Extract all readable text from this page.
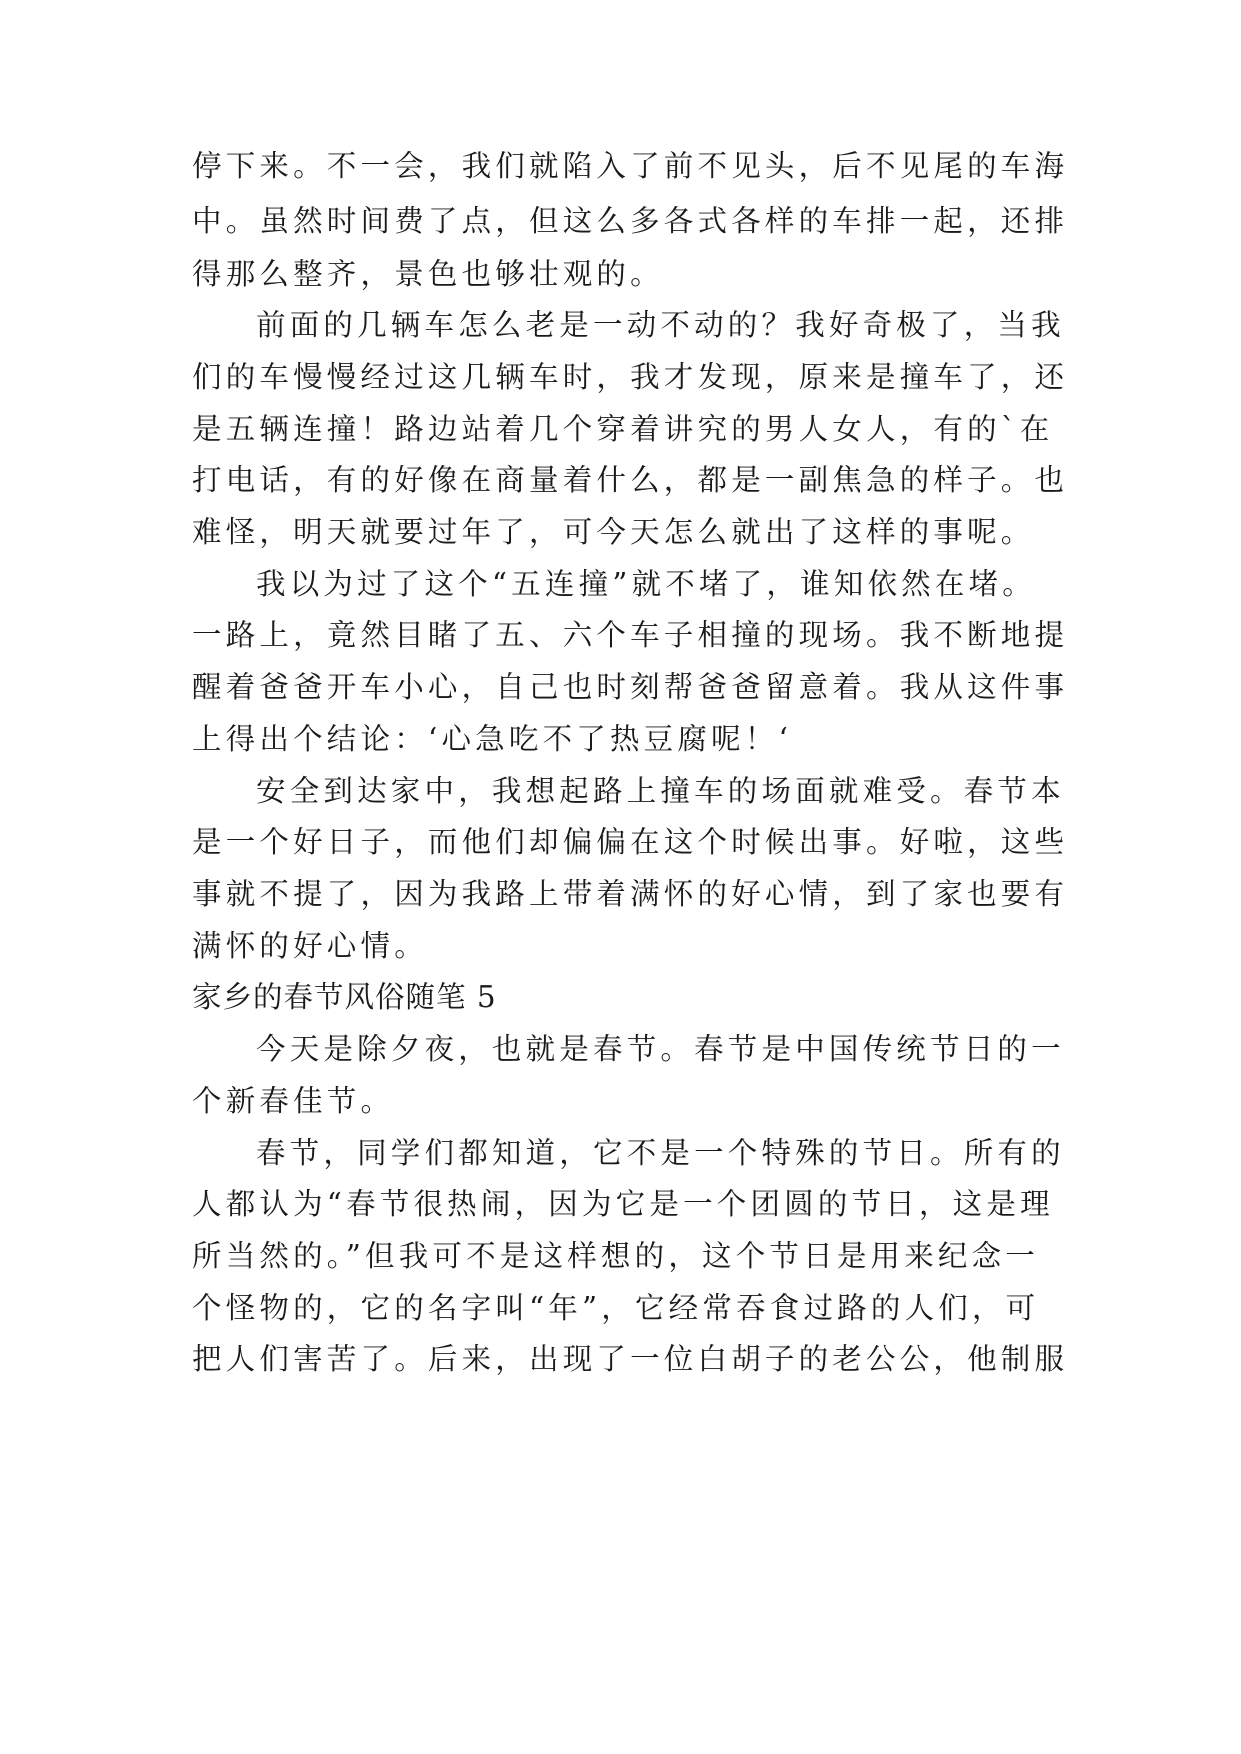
停下来。不一会，我们就陷入了前不见头，后不见尾的车海
中。虽然时间费了点，但这么多各式各样的车排一起，还排
得那么整齐，景色也够壮观的。
前面的几辆车怎么老是一动不动的？我好奇极了，当我
们的车慢慢经过这几辆车时，我才发现，原来是撞车了，还
是五辆连撞！路边站着几个穿着讲究的男人女人，有的`在
打电话，有的好像在商量着什么，都是一副焦急的样子。也
难怪，明天就要过年了，可今天怎么就出了这样的事呢。
我以为过了这个“五连撞”就不堵了，谁知依然在堵。
一路上，竟然目睹了五、六个车子相撞的现场。我不断地提
醒着爸爸开车小心，自己也时刻帮爸爸留意着。我从这件事
上得出个结论：‘心急吃不了热豆腐呢！‘
安全到达家中，我想起路上撞车的场面就难受。春节本
是一个好日子，而他们却偏偏在这个时候出事。好啦，这些
事就不提了，因为我路上带着满怀的好心情，到了家也要有
满怀的好心情。
家乡的春节风俗随笔 5
今天是除夕夜，也就是春节。春节是中国传统节日的一
个新春佳节。
春节，同学们都知道，它不是一个特殊的节日。所有的
人都认为“春节很热闹，因为它是一个团圆的节日，这是理
所当然的。”但我可不是这样想的，这个节日是用来纪念一
个怪物的，它的名字叫“年”，它经常吞食过路的人们，可
把人们害苦了。后来，出现了一位白胡子的老公公，他制服
